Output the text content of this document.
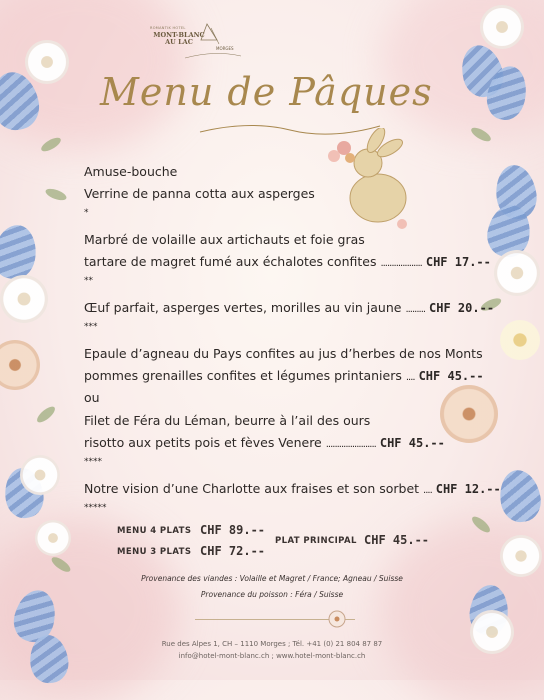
ROMANTIK HOTEL
MONT-BLANC
AU LAC
MORGES
Menu de Pâques
Amuse-bouche
Verrine de panna cotta aux asperges
*
Marbré de volaille aux artichauts et foie gras
tartare de magret fumé aux échalotes confites ................... CHF 17.--
**
Œuf parfait, asperges vertes, morilles au vin jaune ......... CHF 20.--
***
Epaule d’agneau du Pays confites au jus d’herbes de nos Monts
pommes grenailles confites et légumes printaniers .... CHF 45.--
ou
Filet de Féra du Léman, beurre à l’ail des ours
risotto aux petits pois et fèves Venere ....................... CHF 45.--
****
Notre vision d’une Charlotte aux fraises et son sorbet .... CHF 12.--
*****
MENU 4 PLATS CHF 89.--
MENU 3 PLATS CHF 72.--
PLAT PRINCIPAL CHF 45.--
Provenance des viandes : Volaille et Magret / France; Agneau / Suisse
Provenance du poisson : Féra / Suisse
Rue des Alpes 1, CH – 1110 Morges ; Tél. +41 (0) 21 804 87 87
info@hotel-mont-blanc.ch ; www.hotel-mont-blanc.ch
